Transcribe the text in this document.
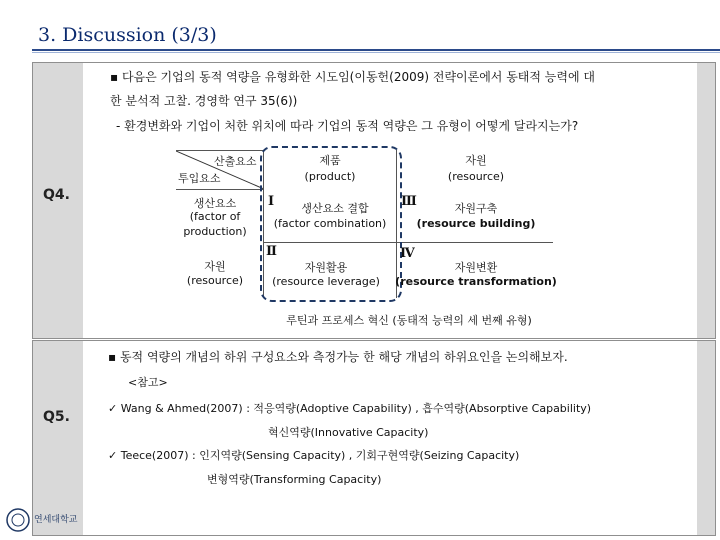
3. Discussion (3/3)
Q4.
▪ 다음은 기업의 동적 역량을 유형화한 시도임(이동헌(2009) 전략이론에서 동태적 능력에 대
한 분석적 고찰. 경영학 연구 35(6))
- 환경변화와 기업이 처한 위치에 따라 기업의 동적 역량은 그 유형이 어떻게 달라지는가?
산출요소
투입요소
제품
(product)
자원
(resource)
생산요소
(factor of
production)
자원
(resource)
Ⅰ 생산요소 결합
(factor combination)
Ⅱ
자원활용
(resource leverage)
Ⅲ	자원구축
(resource building)
Ⅳ
자원변환
(resource transformation)
루틴과 프로세스 혁신 (동태적 능력의 세 번째 유형)
Q5.
▪ 동적 역량의 개념의 하위 구성요소와 측정가능 한 해당 개념의 하위요인을 논의해보자.
<참고>
✓ Wang & Ahmed(2007) : 적응역량(Adoptive Capability) , 흡수역량(Absorptive Capability)
혁신역량(Innovative Capacity)
✓ Teece(2007) : 인지역량(Sensing Capacity) , 기회구현역량(Seizing Capacity)
변형역량(Transforming Capacity)
연세대학교
